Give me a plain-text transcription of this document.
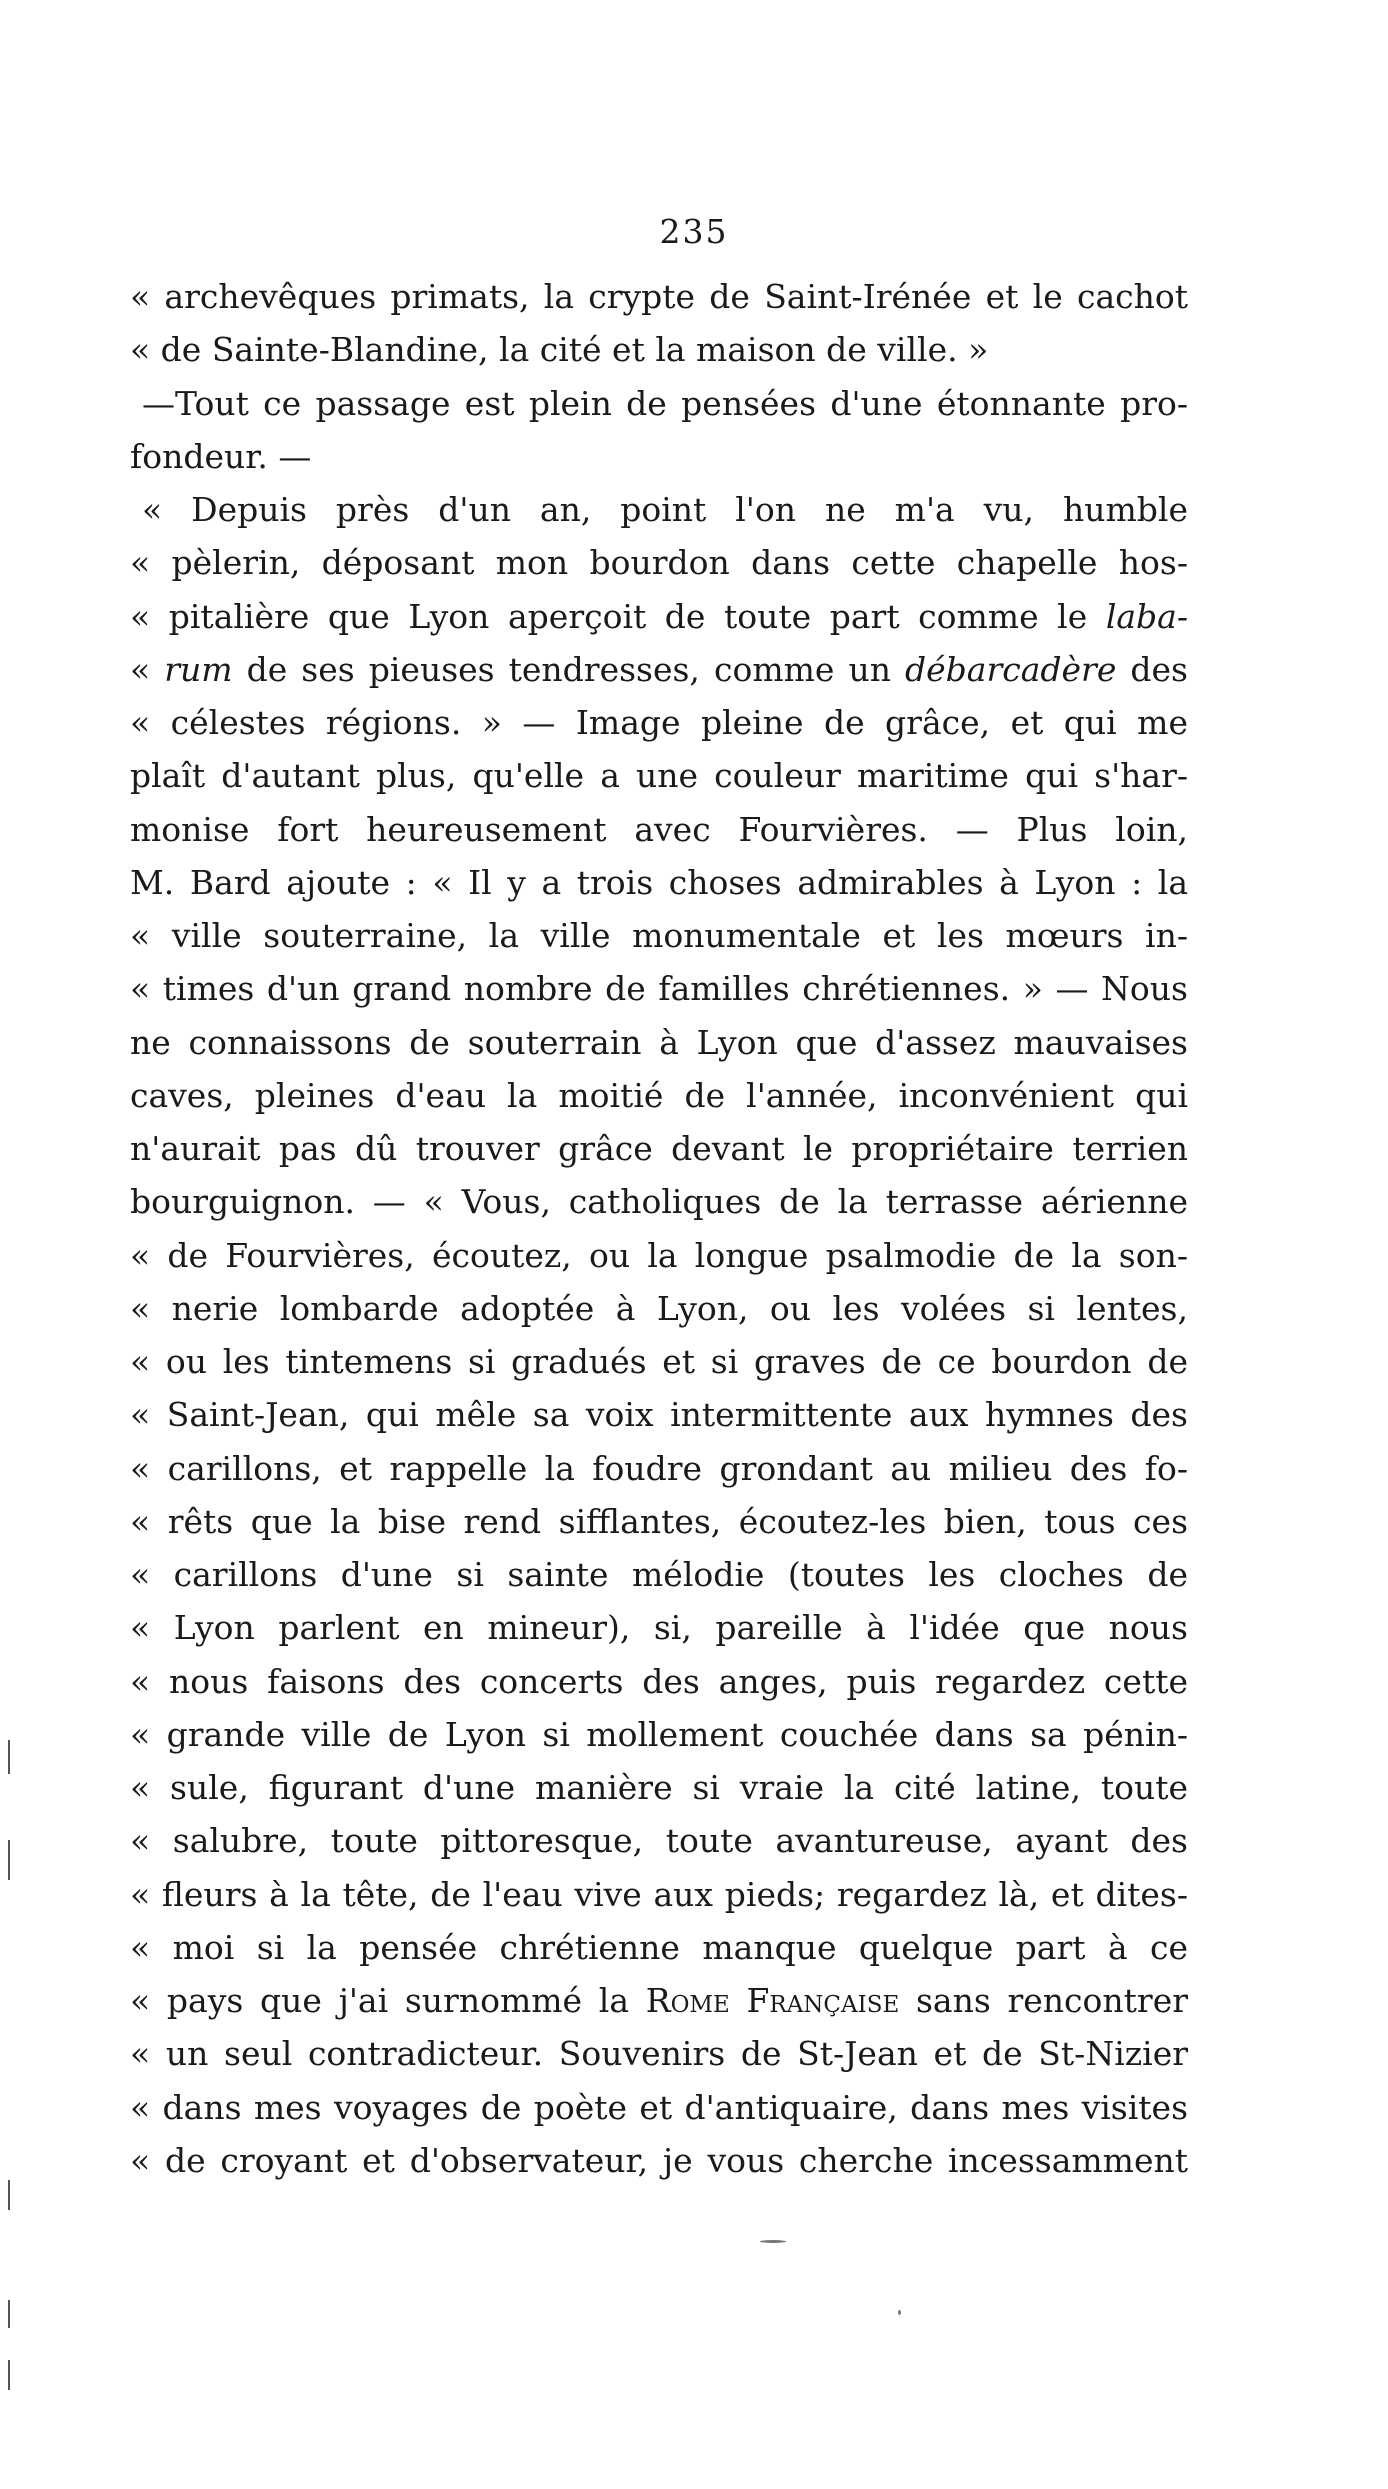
235
« archevêques primats, la crypte de Saint-Irénée et le cachot
« de Sainte-Blandine, la cité et la maison de ville. »
—Tout ce passage est plein de pensées d'une étonnante pro-
fondeur. —
« Depuis près d'un an, point l'on ne m'a vu, humble
« pèlerin, déposant mon bourdon dans cette chapelle hos-
« pitalière que Lyon aperçoit de toute part comme le laba-
« rum de ses pieuses tendresses, comme un débarcadère des
« célestes régions. » — Image pleine de grâce, et qui me
plaît d'autant plus, qu'elle a une couleur maritime qui s'har-
monise fort heureusement avec Fourvières. — Plus loin,
M. Bard ajoute : « Il y a trois choses admirables à Lyon : la
« ville souterraine, la ville monumentale et les mœurs in-
« times d'un grand nombre de familles chrétiennes. » — Nous
ne connaissons de souterrain à Lyon que d'assez mauvaises
caves, pleines d'eau la moitié de l'année, inconvénient qui
n'aurait pas dû trouver grâce devant le propriétaire terrien
bourguignon. — « Vous, catholiques de la terrasse aérienne
« de Fourvières, écoutez, ou la longue psalmodie de la son-
« nerie lombarde adoptée à Lyon, ou les volées si lentes,
« ou les tintemens si gradués et si graves de ce bourdon de
« Saint-Jean, qui mêle sa voix intermittente aux hymnes des
« carillons, et rappelle la foudre grondant au milieu des fo-
« rêts que la bise rend sifflantes, écoutez-les bien, tous ces
« carillons d'une si sainte mélodie (toutes les cloches de
« Lyon parlent en mineur), si, pareille à l'idée que nous
« nous faisons des concerts des anges, puis regardez cette
« grande ville de Lyon si mollement couchée dans sa pénin-
« sule, figurant d'une manière si vraie la cité latine, toute
« salubre, toute pittoresque, toute avantureuse, ayant des
« fleurs à la tête, de l'eau vive aux pieds; regardez là, et dites-
« moi si la pensée chrétienne manque quelque part à ce
« pays que j'ai surnommé la Rome Française sans rencontrer
« un seul contradicteur. Souvenirs de St-Jean et de St-Nizier
« dans mes voyages de poète et d'antiquaire, dans mes visites
« de croyant et d'observateur, je vous cherche incessamment
